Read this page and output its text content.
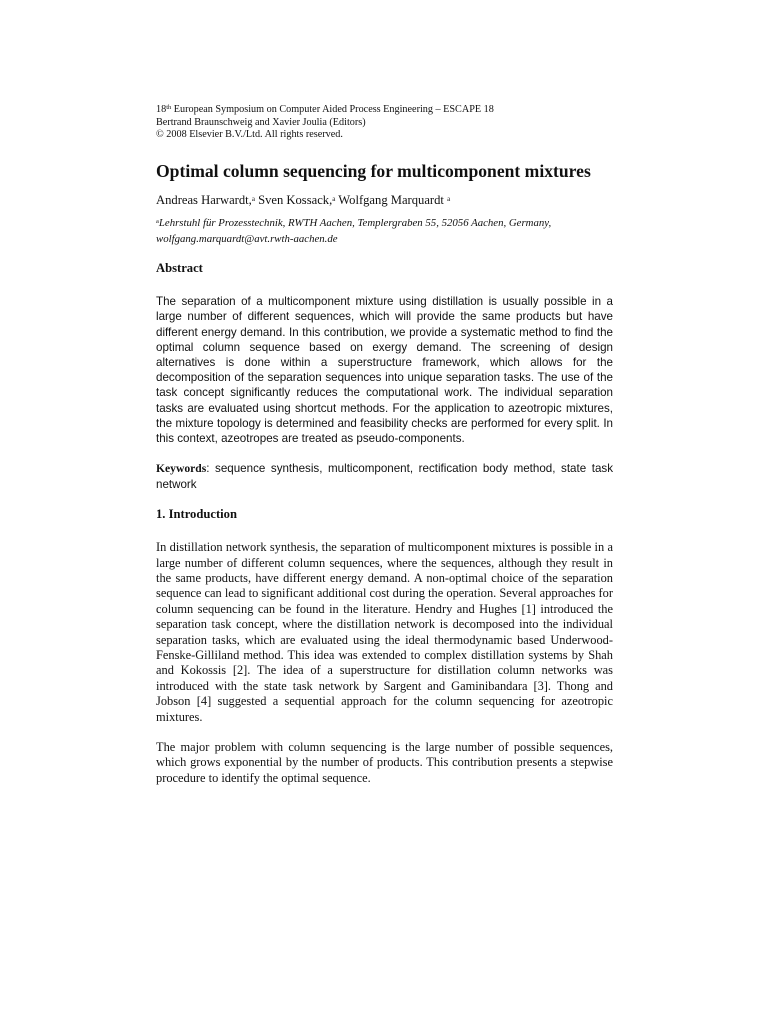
18th European Symposium on Computer Aided Process Engineering – ESCAPE 18
Bertrand Braunschweig and Xavier Joulia (Editors)
© 2008 Elsevier B.V./Ltd. All rights reserved.
Optimal column sequencing for multicomponent mixtures
Andreas Harwardt,$^a$ Sven Kossack,$^a$ Wolfgang Marquardt $^a$
$^a$Lehrstuhl für Prozesstechnik, RWTH Aachen, Templergraben 55, 52056 Aachen, Germany, wolfgang.marquardt@avt.rwth-aachen.de
Abstract

The separation of a multicomponent mixture using distillation is usually possible in a large number of different sequences, which will provide the same products but have different energy demand. In this contribution, we provide a systematic method to find the optimal column sequence based on exergy demand. The screening of design alternatives is done within a superstructure framework, which allows for the decomposition of the separation sequences into unique separation tasks. The use of the task concept significantly reduces the computational work. The individual separation tasks are evaluated using shortcut methods. For the application to azeotropic mixtures, the mixture topology is determined and feasibility checks are performed for every split. In this context, azeotropes are treated as pseudo-components.

Keywords: sequence synthesis, multicomponent, rectification body method, state task network

1. Introduction

In distillation network synthesis, the separation of multicomponent mixtures is possible in a large number of different column sequences, where the sequences, although they result in the same products, have different energy demand. A non-optimal choice of the separation sequence can lead to significant additional cost during the operation. Several approaches for column sequencing can be found in the literature. Hendry and Hughes [1] introduced the separation task concept, where the distillation network is decomposed into the individual separation tasks, which are evaluated using the ideal thermodynamic based Underwood-Fenske-Gilliland method. This idea was extended to complex distillation systems by Shah and Kokossis [2]. The idea of a superstructure for distillation column networks was introduced with the state task network by Sargent and Gaminibandara [3]. Thong and Jobson [4] suggested a sequential approach for the column sequencing for azeotropic mixtures.

The major problem with column sequencing is the large number of possible sequences, which grows exponential by the number of products. This contribution presents a stepwise procedure to identify the optimal sequence.
